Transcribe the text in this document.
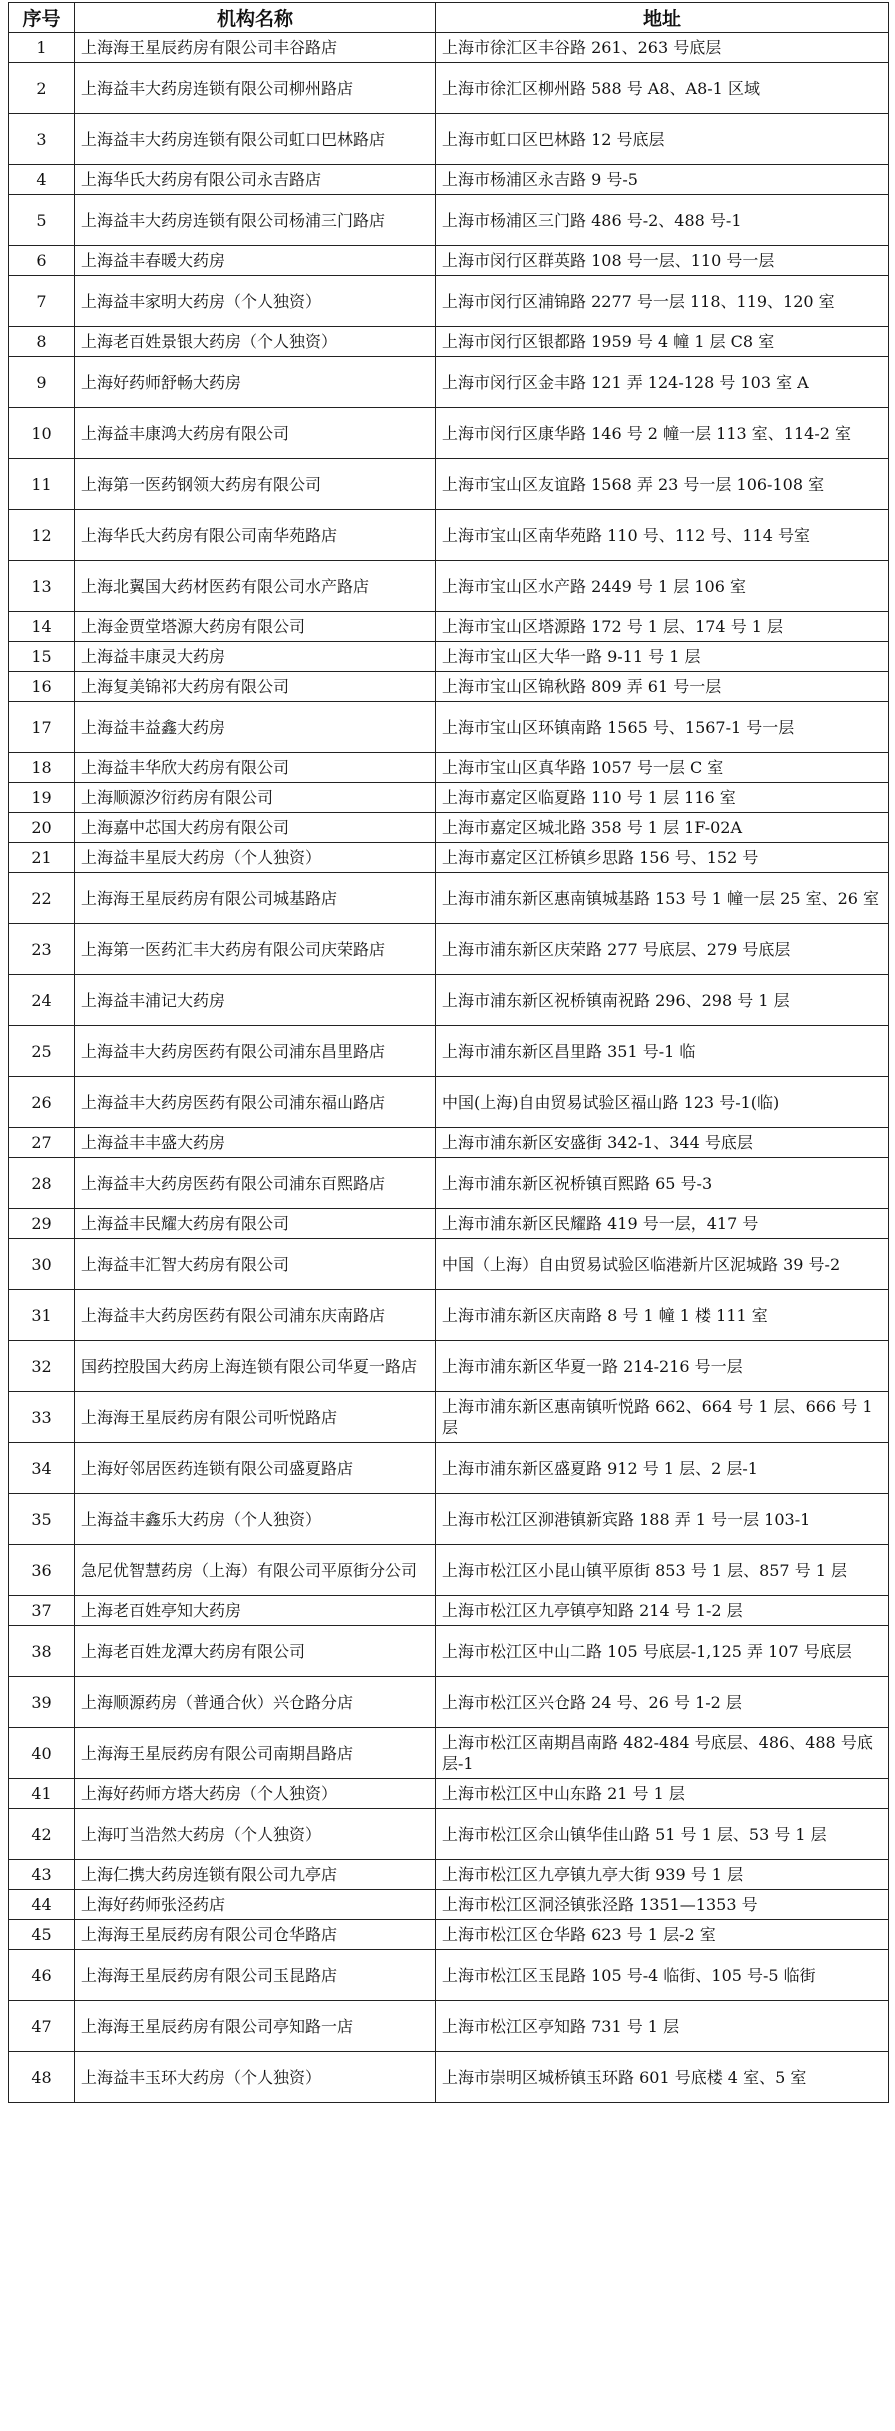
序号	机构名称	地址
1	上海海王星辰药房有限公司丰谷路店	上海市徐汇区丰谷路 261、263 号底层
2	上海益丰大药房连锁有限公司柳州路店	上海市徐汇区柳州路 588 号 A8、A8-1 区域
3	上海益丰大药房连锁有限公司虹口巴林路店	上海市虹口区巴林路 12 号底层
4	上海华氏大药房有限公司永吉路店	上海市杨浦区永吉路 9 号-5
5	上海益丰大药房连锁有限公司杨浦三门路店	上海市杨浦区三门路 486 号-2、488 号-1
6	上海益丰春暖大药房	上海市闵行区群英路 108 号一层、110 号一层
7	上海益丰家明大药房（个人独资）	上海市闵行区浦锦路 2277 号一层 118、119、120 室
8	上海老百姓景银大药房（个人独资）	上海市闵行区银都路 1959 号 4 幢 1 层 C8 室
9	上海好药师舒畅大药房	上海市闵行区金丰路 121 弄 124-128 号 103 室 A
10	上海益丰康鸿大药房有限公司	上海市闵行区康华路 146 号 2 幢一层 113 室、114-2 室
11	上海第一医药钢领大药房有限公司	上海市宝山区友谊路 1568 弄 23 号一层 106-108 室
12	上海华氏大药房有限公司南华苑路店	上海市宝山区南华苑路 110 号、112 号、114 号室
13	上海北翼国大药材医药有限公司水产路店	上海市宝山区水产路 2449 号 1 层 106 室
14	上海金贾堂塔源大药房有限公司	上海市宝山区塔源路 172 号 1 层、174 号 1 层
15	上海益丰康灵大药房	上海市宝山区大华一路 9-11 号 1 层
16	上海复美锦祁大药房有限公司	上海市宝山区锦秋路 809 弄 61 号一层
17	上海益丰益鑫大药房	上海市宝山区环镇南路 1565 号、1567-1 号一层
18	上海益丰华欣大药房有限公司	上海市宝山区真华路 1057 号一层 C 室
19	上海顺源汐衍药房有限公司	上海市嘉定区临夏路 110 号 1 层 116 室
20	上海嘉中芯国大药房有限公司	上海市嘉定区城北路 358 号 1 层 1F-02A
21	上海益丰星辰大药房（个人独资）	上海市嘉定区江桥镇乡思路 156 号、152 号
22	上海海王星辰药房有限公司城基路店	上海市浦东新区惠南镇城基路 153 号 1 幢一层 25 室、26 室
23	上海第一医药汇丰大药房有限公司庆荣路店	上海市浦东新区庆荣路 277 号底层、279 号底层
24	上海益丰浦记大药房	上海市浦东新区祝桥镇南祝路 296、298 号 1 层
25	上海益丰大药房医药有限公司浦东昌里路店	上海市浦东新区昌里路 351 号-1 临
26	上海益丰大药房医药有限公司浦东福山路店	中国(上海)自由贸易试验区福山路 123 号-1(临)
27	上海益丰丰盛大药房	上海市浦东新区安盛街 342-1、344 号底层
28	上海益丰大药房医药有限公司浦东百熙路店	上海市浦东新区祝桥镇百熙路 65 号-3
29	上海益丰民耀大药房有限公司	上海市浦东新区民耀路 419 号一层，417 号
30	上海益丰汇智大药房有限公司	中国（上海）自由贸易试验区临港新片区泥城路 39 号-2
31	上海益丰大药房医药有限公司浦东庆南路店	上海市浦东新区庆南路 8 号 1 幢 1 楼 111 室
32	国药控股国大药房上海连锁有限公司华夏一路店	上海市浦东新区华夏一路 214-216 号一层
33	上海海王星辰药房有限公司听悦路店	上海市浦东新区惠南镇听悦路 662、664 号 1 层、666 号 1 层
34	上海好邻居医药连锁有限公司盛夏路店	上海市浦东新区盛夏路 912 号 1 层、2 层-1
35	上海益丰鑫乐大药房（个人独资）	上海市松江区泖港镇新宾路 188 弄 1 号一层 103-1
36	急尼优智慧药房（上海）有限公司平原街分公司	上海市松江区小昆山镇平原街 853 号 1 层、857 号 1 层
37	上海老百姓亭知大药房	上海市松江区九亭镇亭知路 214 号 1-2 层
38	上海老百姓龙潭大药房有限公司	上海市松江区中山二路 105 号底层-1,125 弄 107 号底层
39	上海顺源药房（普通合伙）兴仓路分店	上海市松江区兴仓路 24 号、26 号 1-2 层
40	上海海王星辰药房有限公司南期昌路店	上海市松江区南期昌南路 482-484 号底层、486、488 号底层-1
41	上海好药师方塔大药房（个人独资）	上海市松江区中山东路 21 号 1 层
42	上海叮当浩然大药房（个人独资）	上海市松江区佘山镇华佳山路 51 号 1 层、53 号 1 层
43	上海仁携大药房连锁有限公司九亭店	上海市松江区九亭镇九亭大街 939 号 1 层
44	上海好药师张泾药店	上海市松江区洞泾镇张泾路 1351—1353 号
45	上海海王星辰药房有限公司仓华路店	上海市松江区仓华路 623 号 1 层-2 室
46	上海海王星辰药房有限公司玉昆路店	上海市松江区玉昆路 105 号-4 临街、105 号-5 临街
47	上海海王星辰药房有限公司亭知路一店	上海市松江区亭知路 731 号 1 层
48	上海益丰玉环大药房（个人独资）	上海市崇明区城桥镇玉环路 601 号底楼 4 室、5 室
